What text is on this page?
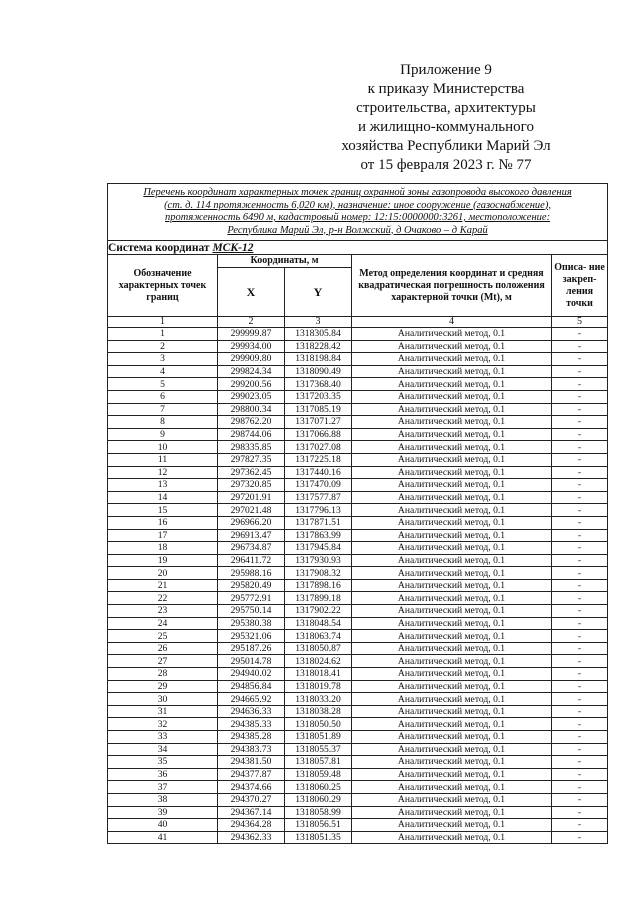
Приложение 9
к приказу Министерства
строительства, архитектуры
и жилищно-коммунального
хозяйства Республики Марий Эл
от 15 февраля 2023 г. № 77
Перечень координат характерных точек границ охранной зоны газопровода высокого давления
(ст. д. 114 протяженность 6,020 км), назначение: иное сооружение (газоснабжение),
протяженность 6490 м, кадастровый номер: 12:15:0000000:3261, местоположение:
Республика Марий Эл, р-н Волжский, д Очаково – д Карай				

Система координат МСК-12				
Обозначение характерных точек границ	Координаты, м		Метод определения координат и средняя квадратическая погрешность положения характерной точки (Mt), м	Описа- ние закреп- ления точки
	X	Y		
1	2	3	4	5
1	299999.87	1318305.84	Аналитический метод, 0.1	-
2	299934.00	1318228.42	Аналитический метод, 0.1	-
3	299909.80	1318198.84	Аналитический метод, 0.1	-
4	299824.34	1318090.49	Аналитический метод, 0.1	-
5	299200.56	1317368.40	Аналитический метод, 0.1	-
6	299023.05	1317203.35	Аналитический метод, 0.1	-
7	298800.34	1317085.19	Аналитический метод, 0.1	-
8	298762.20	1317071.27	Аналитический метод, 0.1	-
9	298744.06	1317066.88	Аналитический метод, 0.1	-
10	298335.85	1317027.08	Аналитический метод, 0.1	-
11	297827.35	1317225.18	Аналитический метод, 0.1	-
12	297362.45	1317440.16	Аналитический метод, 0.1	-
13	297320.85	1317470.09	Аналитический метод, 0.1	-
14	297201.91	1317577.87	Аналитический метод, 0.1	-
15	297021.48	1317796.13	Аналитический метод, 0.1	-
16	296966.20	1317871.51	Аналитический метод, 0.1	-
17	296913.47	1317863.99	Аналитический метод, 0.1	-
18	296734.87	1317945.84	Аналитический метод, 0.1	-
19	296411.72	1317930.93	Аналитический метод, 0.1	-
20	295988.16	1317908.32	Аналитический метод, 0.1	-
21	295820.49	1317898.16	Аналитический метод, 0.1	-
22	295772.91	1317899.18	Аналитический метод, 0.1	-
23	295750.14	1317902.22	Аналитический метод, 0.1	-
24	295380.38	1318048.54	Аналитический метод, 0.1	-
25	295321.06	1318063.74	Аналитический метод, 0.1	-
26	295187.26	1318050.87	Аналитический метод, 0.1	-
27	295014.78	1318024.62	Аналитический метод, 0.1	-
28	294940.02	1318018.41	Аналитический метод, 0.1	-
29	294856.84	1318019.78	Аналитический метод, 0.1	-
30	294665.92	1318033.20	Аналитический метод, 0.1	-
31	294636.33	1318038.28	Аналитический метод, 0.1	-
32	294385.33	1318050.50	Аналитический метод, 0.1	-
33	294385.28	1318051.89	Аналитический метод, 0.1	-
34	294383.73	1318055.37	Аналитический метод, 0.1	-
35	294381.50	1318057.81	Аналитический метод, 0.1	-
36	294377.87	1318059.48	Аналитический метод, 0.1	-
37	294374.66	1318060.25	Аналитический метод, 0.1	-
38	294370.27	1318060.29	Аналитический метод, 0.1	-
39	294367.14	1318058.99	Аналитический метод, 0.1	-
40	294364.28	1318056.51	Аналитический метод, 0.1	-
41	294362.33	1318051.35	Аналитический метод, 0.1	-
